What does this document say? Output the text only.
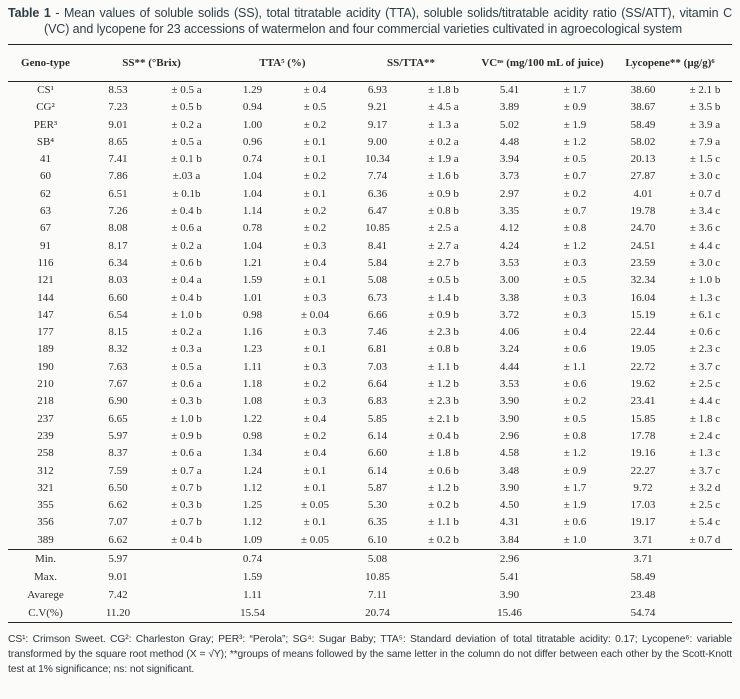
Table 1 - Mean values of soluble solids (SS), total titratable acidity (TTA), soluble solids/titratable acidity ratio (SS/ATT), vitamin C (VC) and lycopene for 23 accessions of watermelon and four commercial varieties cultivated in agroecological system

Geno-type	SS** (°Brix)		TTA⁵ (%)		SS/TTA**		VCⁿˢ (mg/100 mL of juice)		Lycopene** (µg/g)⁶	
CS¹	8.53	± 0.5 a	1.29	± 0.4	6.93	± 1.8 b	5.41	± 1.7	38.60	± 2.1 b
CG²	7.23	± 0.5 b	0.94	± 0.5	9.21	± 4.5 a	3.89	± 0.9	38.67	± 3.5 b
PER³	9.01	± 0.2 a	1.00	± 0.2	9.17	± 1.3 a	5.02	± 1.9	58.49	± 3.9 a
SB⁴	8.65	± 0.5 a	0.96	± 0.1	9.00	± 0.2 a	4.48	± 1.2	58.02	± 7.9 a
41	7.41	± 0.1 b	0.74	± 0.1	10.34	± 1.9 a	3.94	± 0.5	20.13	± 1.5 c
60	7.86	±.03 a	1.04	± 0.2	7.74	± 1.6 b	3.73	± 0.7	27.87	± 3.0 c
62	6.51	± 0.1b	1.04	± 0.1	6.36	± 0.9 b	2.97	± 0.2	4.01	± 0.7 d
63	7.26	± 0.4 b	1.14	± 0.2	6.47	± 0.8 b	3.35	± 0.7	19.78	± 3.4 c
67	8.08	± 0.6 a	0.78	± 0.2	10.85	± 2.5 a	4.12	± 0.8	24.70	± 3.6 c
91	8.17	± 0.2 a	1.04	± 0.3	8.41	± 2.7 a	4.24	± 1.2	24.51	± 4.4 c
116	6.34	± 0.6 b	1.21	± 0.4	5.84	± 2.7 b	3.53	± 0.3	23.59	± 3.0 c
121	8.03	± 0.4 a	1.59	± 0.1	5.08	± 0.5 b	3.00	± 0.5	32.34	± 1.0 b
144	6.60	± 0.4 b	1.01	± 0.3	6.73	± 1.4 b	3.38	± 0.3	16.04	± 1.3 c
147	6.54	± 1.0 b	0.98	± 0.04	6.66	± 0.9 b	3.72	± 0.3	15.19	± 6.1 c
177	8.15	± 0.2 a	1.16	± 0.3	7.46	± 2.3 b	4.06	± 0.4	22.44	± 0.6 c
189	8.32	± 0.3 a	1.23	± 0.1	6.81	± 0.8 b	3.24	± 0.6	19.05	± 2.3 c
190	7.63	± 0.5 a	1.11	± 0.3	7.03	± 1.1 b	4.44	± 1.1	22.72	± 3.7 c
210	7.67	± 0.6 a	1.18	± 0.2	6.64	± 1.2 b	3.53	± 0.6	19.62	± 2.5 c
218	6.90	± 0.3 b	1.08	± 0.3	6.83	± 2.3 b	3.90	± 0.2	23.41	± 4.4 c
237	6.65	± 1.0 b	1.22	± 0.4	5.85	± 2.1 b	3.90	± 0.5	15.85	± 1.8 c
239	5.97	± 0.9 b	0.98	± 0.2	6.14	± 0.4 b	2.96	± 0.8	17.78	± 2.4 c
258	8.37	± 0.6 a	1.34	± 0.4	6.60	± 1.8 b	4.58	± 1.2	19.16	± 1.3 c
312	7.59	± 0.7 a	1.24	± 0.1	6.14	± 0.6 b	3.48	± 0.9	22.27	± 3.7 c
321	6.50	± 0.7 b	1.12	± 0.1	5.87	± 1.2 b	3.90	± 1.7	9.72	± 3.2 d
355	6.62	± 0.3 b	1.25	± 0.05	5.30	± 0.2 b	4.50	± 1.9	17.03	± 2.5 c
356	7.07	± 0.7 b	1.12	± 0.1	6.35	± 1.1 b	4.31	± 0.6	19.17	± 5.4 c
389	6.62	± 0.4 b	1.09	± 0.05	6.10	± 0.2 b	3.84	± 1.0	3.71	± 0.7 d
Min.	5.97		0.74		5.08		2.96		3.71	
Max.	9.01		1.59		10.85		5.41		58.49	
Avarege	7.42		1.11		7.11		3.90		23.48	
C.V(%)	11.20		15.54		20.74		15.46		54.74	

CS¹: Crimson Sweet. CG²: Charleston Gray; PER³: “Perola”; SG⁴: Sugar Baby; TTA⁵: Standard deviation of total titratable acidity: 0.17; Lycopene⁶: variable transformed by the square root method (X = √Y); **groups of means followed by the same letter in the column do not differ between each other by the Scott-Knott test at 1% significance; ns: not significant.
